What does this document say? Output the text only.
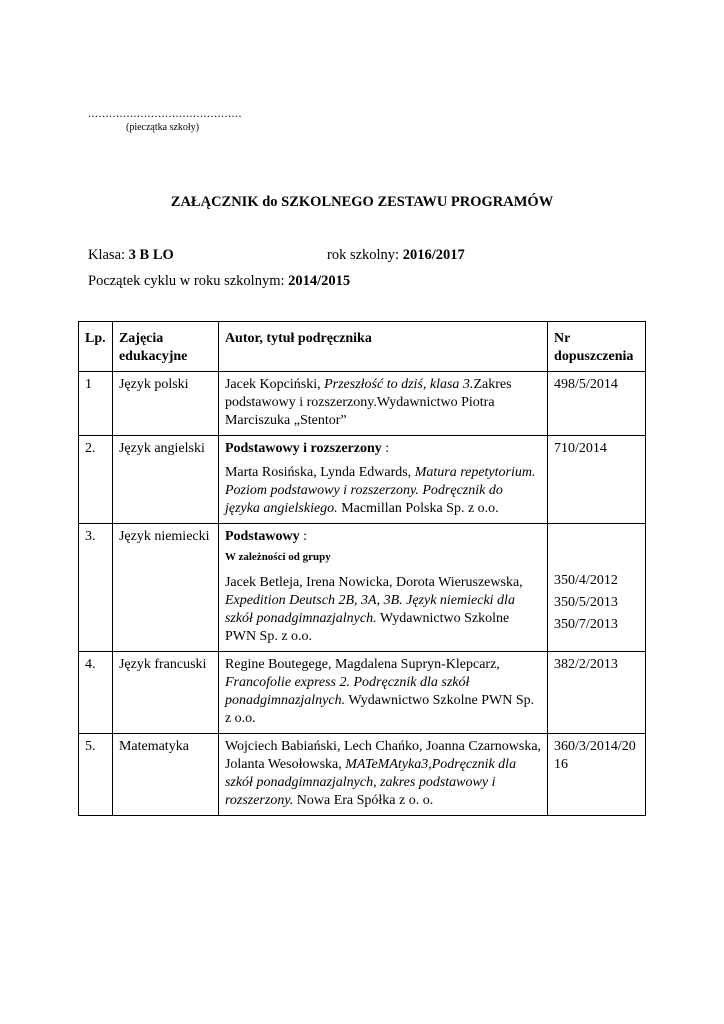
............................................
(pieczątka szkoły)
ZAŁĄCZNIK do SZKOLNEGO ZESTAWU PROGRAMÓW
Klasa: 3 B LO	rok szkolny: 2016/2017
Początek cyklu w roku szkolnym: 2014/2015
Lp.	Zajęcia edukacyjne	Autor, tytuł podręcznika	Nr dopuszczenia
1	Język polski	Jacek Kopciński, Przeszłość to dziś, klasa 3.Zakres podstawowy i rozszerzony.Wydawnictwo Piotra Marciszuka „Stentor”	498/5/2014
2.	Język angielski	Podstawowy i rozszerzony :
Marta Rosińska, Lynda Edwards, Matura repetytorium. Poziom podstawowy i rozszerzony. Podręcznik do języka angielskiego. Macmillan Polska Sp. z o.o.	710/2014
3.	Język niemiecki	Podstawowy :
W zależności od grupy
Jacek Betleja, Irena Nowicka, Dorota Wieruszewska, Expedition Deutsch 2B, 3A, 3B. Język niemiecki dla szkół ponadgimnazjalnych. Wydawnictwo Szkolne PWN Sp. z o.o.	350/4/2012
350/5/2013
350/7/2013

4.	Język francuski	Regine Boutegege, Magdalena Supryn-Klepcarz, Francofolie express 2. Podręcznik dla szkół ponadgimnazjalnych. Wydawnictwo Szkolne PWN Sp. z o.o.	382/2/2013
5.	Matematyka	Wojciech Babiański, Lech Chańko, Joanna Czarnowska, Jolanta Wesołowska, MATeMAtyka3,Podręcznik dla szkół ponadgimnazjalnych, zakres podstawowy i rozszerzony. Nowa Era Spółka z o. o.	360/3/2014/2016
